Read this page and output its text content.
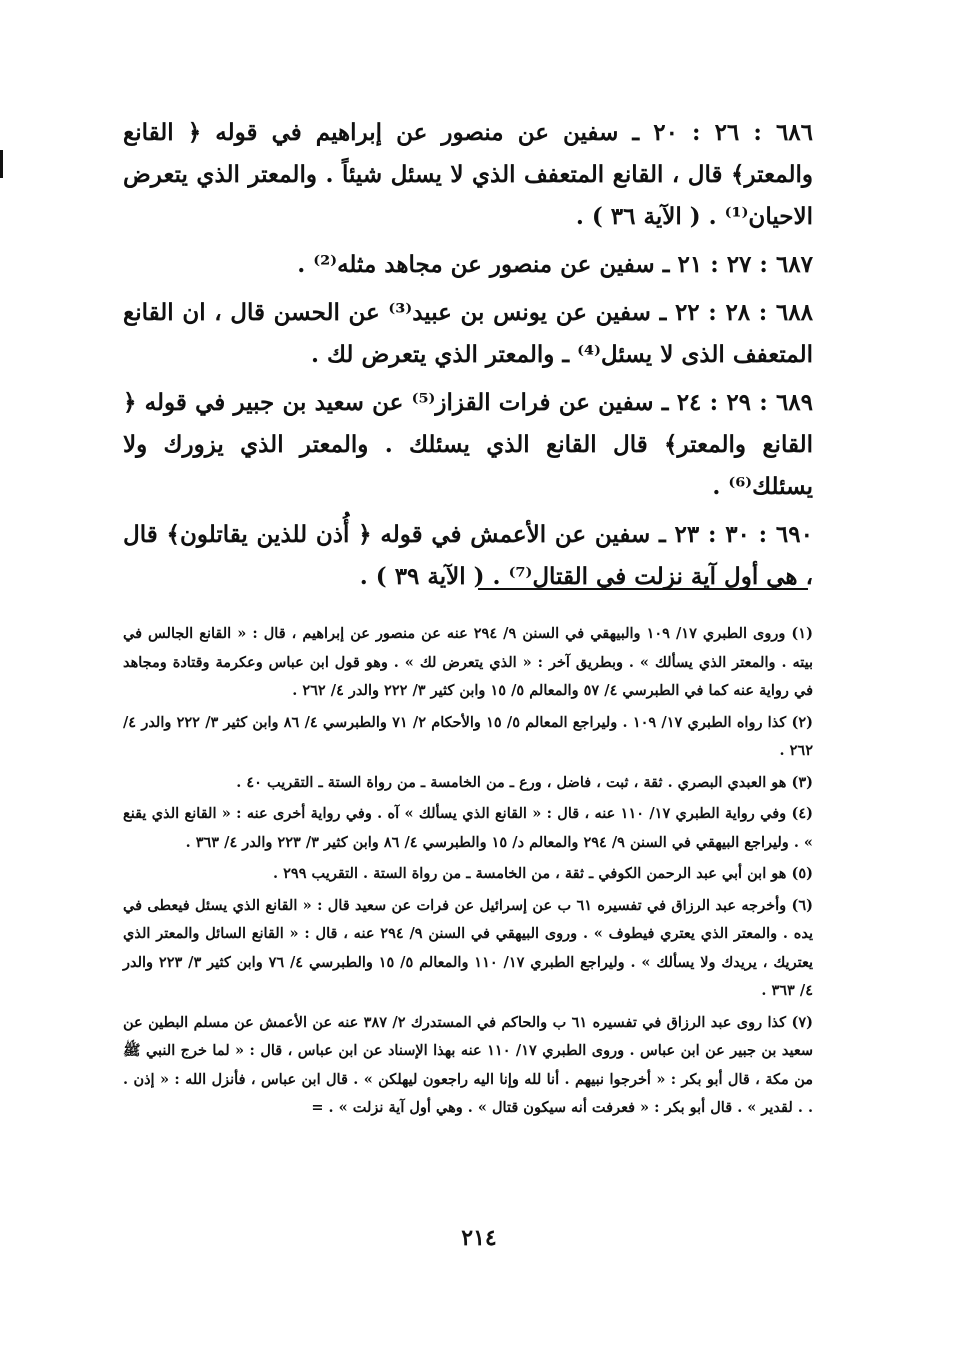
٦٨٦ : ٢٦ : ٢٠ ـ سفين عن منصور عن إبراهيم في قوله ﴿ القانع والمعتر﴾ قال ، القانع المتعفف الذي لا يسئل شيئاً . والمعتر الذي يتعرض الاحيان⁽¹⁾ . ( الآية ٣٦ ) .

٦٨٧ : ٢٧ : ٢١ ـ سفين عن منصور عن مجاهد مثله⁽²⁾ .

٦٨٨ : ٢٨ : ٢٢ ـ سفين عن يونس بن عبيد⁽³⁾ عن الحسن قال ، ان القانع المتعفف الذى لا يسئل⁽⁴⁾ ـ والمعتر الذي يتعرض لك .

٦٨٩ : ٢٩ : ٢٤ ـ سفين عن فرات القزاز⁽⁵⁾ عن سعيد بن جبير في قوله ﴿ القانع والمعتر﴾ قال القانع الذي يسئلك . والمعتر الذي يزورك ولا يسئلك⁽⁶⁾ .

٦٩٠ : ٣٠ : ٢٣ ـ سفين عن الأعمش في قوله ﴿ أُذن للذين يقاتلون﴾ قال ، هي أول آية نزلت في القتال⁽⁷⁾ . ( الآية ٣٩ ) .

(١) وروى الطبري ١٧/ ١٠٩ والبيهقي في السنن ٩/ ٢٩٤ عنه عن منصور عن إبراهيم ، قال : « القانع الجالس في بيته . والمعتر الذي يسألك » . وبطريق آخر : « الذي يتعرض لك » . وهو قول ابن عباس وعكرمة وقتادة ومجاهد في رواية عنه كما في الطبرسي ٤/ ٥٧ والمعالم ٥/ ١٥ وابن كثير ٣/ ٢٢٢ والدر ٤/ ٢٦٢ .

(٢) كذا رواه الطبري ١٧/ ١٠٩ . وليراجع المعالم ٥/ ١٥ والأحكام ٢/ ٧١ والطبرسي ٤/ ٨٦ وابن كثير ٣/ ٢٢٢ والدر ٤/ ٢٦٢ .

(٣) هو العبدي البصري . ثقة ، ثبت ، فاضل ، ورع ـ من الخامسة ـ من رواة الستة ـ التقريب ٤٠ .

(٤) وفي رواية الطبري ١٧/ ١١٠ عنه ، قال : « القانع الذي يسألك » آه . وفي رواية أخرى عنه : « القانع الذي يقنع » . وليراجع البيهقي في السنن ٩/ ٢٩٤ والمعالم د/ ١٥ والطبرسي ٤/ ٨٦ وابن كثير ٣/ ٢٢٣ والدر ٤/ ٣٦٣ .

(٥) هو ابن أبي عبد الرحمن الكوفي ـ ثقة ، من الخامسة ـ من رواة الستة . التقريب ٢٩٩ .

(٦) وأخرجه عبد الرزاق في تفسيره ٦١ ب عن إسرائيل عن فرات عن سعيد قال : « القانع الذي يسئل فيعطى في يده . والمعتر الذي يعتري فيطوف » . وروى البيهقي في السنن ٩/ ٢٩٤ عنه ، قال : « القانع السائل والمعتر الذي يعتريك ، يريدك ولا يسألك » . وليراجع الطبري ١٧/ ١١٠ والمعالم ٥/ ١٥ والطبرسي ٤/ ٧٦ وابن كثير ٣/ ٢٢٣ والدر ٤/ ٣٦٣ .

(٧) كذا روى عبد الرزاق في تفسيره ٦١ ب والحاكم في المستدرك ٢/ ٣٨٧ عنه عن الأعمش عن مسلم البطين عن سعيد بن جبير عن ابن عباس . وروى الطبري ١٧/ ١١٠ عنه بهذا الإسناد عن ابن عباس ، قال : « لما خرج النبي ﷺ من مكة ، قال أبو بكر : « أخرجوا نبيهم . أنا لله وإنا اليه راجعون ليهلكن » . قال ابن عباس ، فأنزل الله : « إذن . . . لقدير » . قال أبو بكر : « فعرفت أنه سيكون قتال » . وهي أول آية نزلت » . =

٢١٤
